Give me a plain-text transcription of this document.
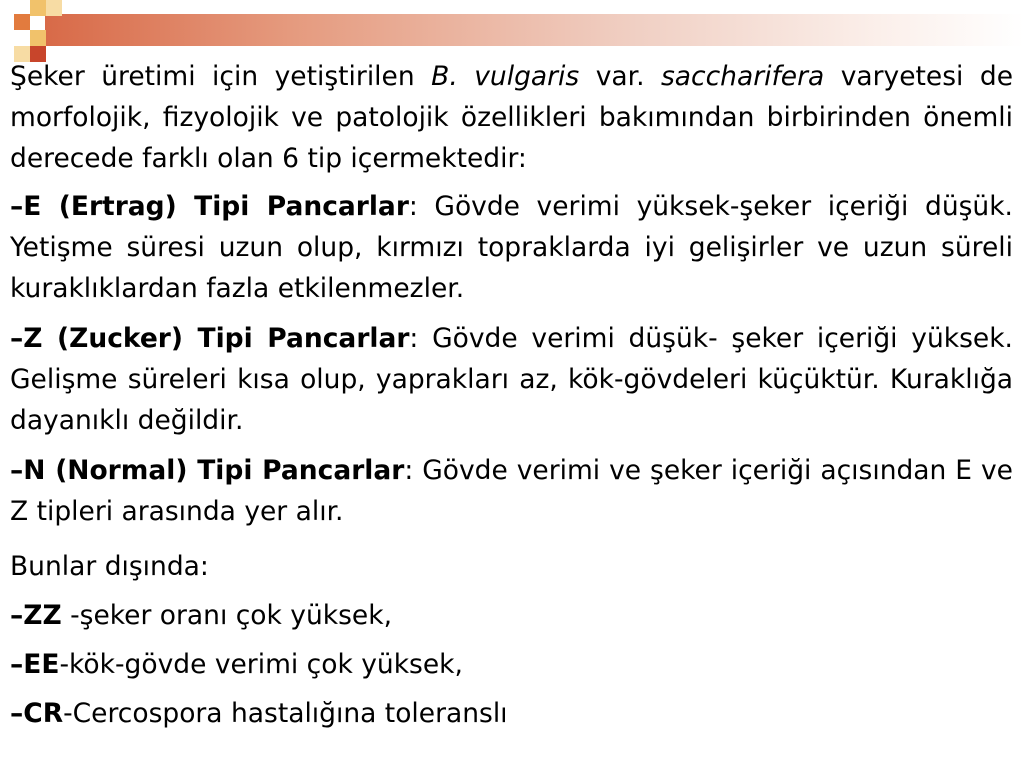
Şeker üretimi için yetiştirilen B. vulgaris var. saccharifera varyetesi de morfolojik, fizyolojik ve patolojik özellikleri bakımından birbirinden önemli derecede farklı olan 6 tip içermektedir:

–E (Ertrag) Tipi Pancarlar: Gövde verimi yüksek-şeker içeriği düşük. Yetişme süresi uzun olup, kırmızı topraklarda iyi gelişirler ve uzun süreli kuraklıklardan fazla etkilenmezler.

–Z (Zucker) Tipi Pancarlar: Gövde verimi düşük- şeker içeriği yüksek. Gelişme süreleri kısa olup, yaprakları az, kök-gövdeleri küçüktür. Kuraklığa dayanıklı değildir.

–N (Normal) Tipi Pancarlar: Gövde verimi ve şeker içeriği açısından E ve Z tipleri arasında yer alır.

Bunlar dışında:

–ZZ -şeker oranı çok yüksek,

–EE-kök-gövde verimi çok yüksek,

–CR-Cercospora hastalığına toleranslı
